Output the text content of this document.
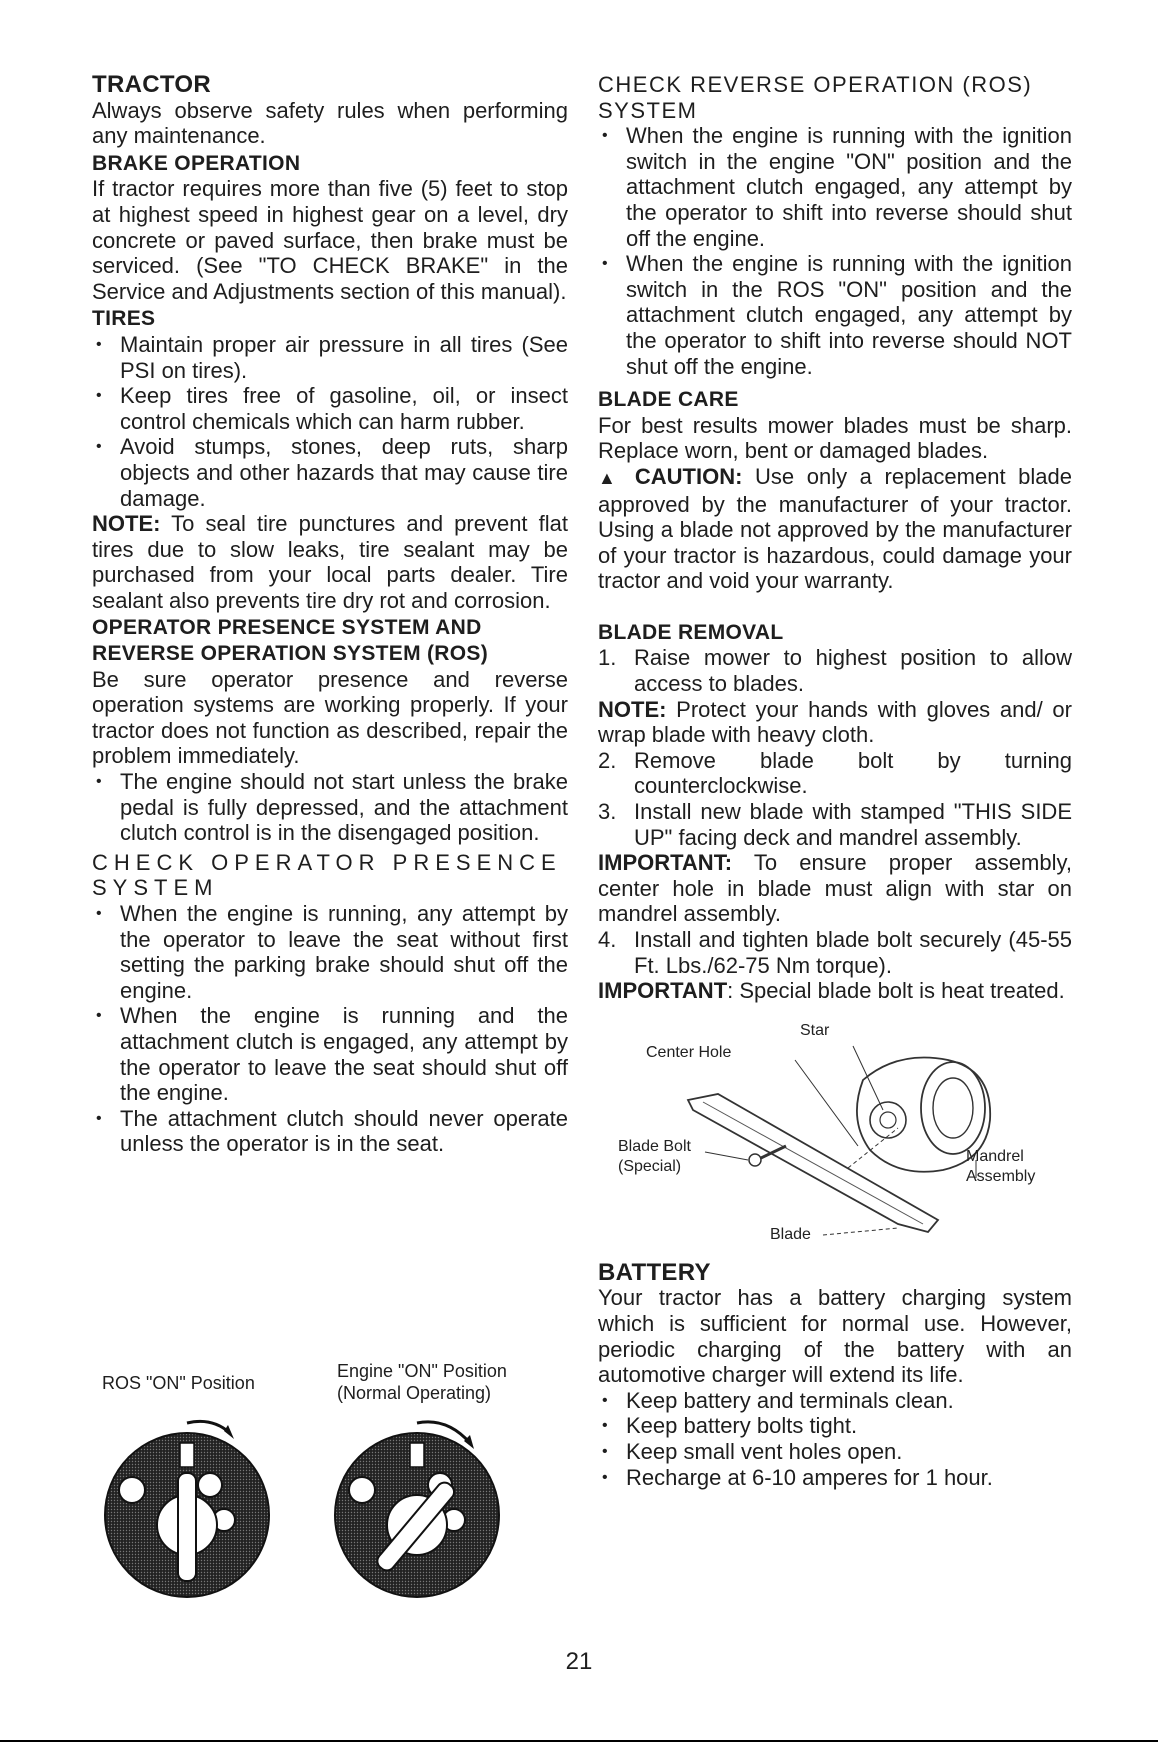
TRACTOR

Always observe safety rules when performing any maintenance.

BRAKE OPERATION

If tractor requires more than five (5) feet to stop at highest speed in highest gear on a level, dry concrete or paved surface, then brake must be serviced. (See "TO CHECK BRAKE" in the Service and Adjustments section of this manual).

TIRES

• Maintain proper air pressure in all tires (See PSI on tires).
• Keep tires free of gasoline, oil, or insect control chemicals which can harm rubber.
• Avoid stumps, stones, deep ruts, sharp objects and other hazards that may cause tire damage.

NOTE: To seal tire punctures and prevent flat tires due to slow leaks, tire sealant may be purchased from your local parts dealer. Tire sealant also prevents tire dry rot and corrosion.

OPERATOR PRESENCE SYSTEM AND REVERSE OPERATION SYSTEM (ROS)

Be sure operator presence and reverse operation systems are working properly. If your tractor does not function as described, repair the problem immediately.

• The engine should not start unless the brake pedal is fully depressed, and the attachment clutch control is in the disengaged position.

CHECK OPERATOR PRESENCE SYSTEM

• When the engine is running, any attempt by the operator to leave the seat without first setting the parking brake should shut off the engine.
• When the engine is running and the attachment clutch is engaged, any attempt by the operator to leave the seat should shut off the engine.
• The attachment clutch should never operate unless the operator is in the seat.
ROS "ON" Position
Engine "ON" Position
(Normal Operating)

CHECK REVERSE OPERATION (ROS) SYSTEM

• When the engine is running with the ignition switch in the engine "ON" position and the attachment clutch engaged, any attempt by the operator to shift into reverse should shut off the engine.
• When the engine is running with the ignition switch in the ROS "ON" position and the attachment clutch engaged, any attempt by the operator to shift into reverse should NOT shut off the engine.

BLADE CARE

For best results mower blades must be sharp. Replace worn, bent or damaged blades.

▲ CAUTION: Use only a replacement blade approved by the manufacturer of your tractor. Using a blade not approved by the manufacturer of your tractor is hazardous, could damage your tractor and void your warranty.

BLADE REMOVAL

1. Raise mower to highest position to allow access to blades.

NOTE: Protect your hands with gloves and/ or wrap blade with heavy cloth.

2. Remove blade bolt by turning counterclockwise.
3. Install new blade with stamped "THIS SIDE UP" facing deck and mandrel assembly.

IMPORTANT: To ensure proper assembly, center hole in blade must align with star on mandrel assembly.

4. Install and tighten blade bolt securely (45-55 Ft. Lbs./62-75 Nm torque).

IMPORTANT: Special blade bolt is heat treated.

Star
Center Hole
Blade Bolt
(Special)
Mandrel
Assembly
Blade

BATTERY

Your tractor has a battery charging system which is sufficient for normal use. However, periodic charging of the battery with an automotive charger will extend its life.

• Keep battery and terminals clean.
• Keep battery bolts tight.
• Keep small vent holes open.
• Recharge at 6-10 amperes for 1 hour.
21
